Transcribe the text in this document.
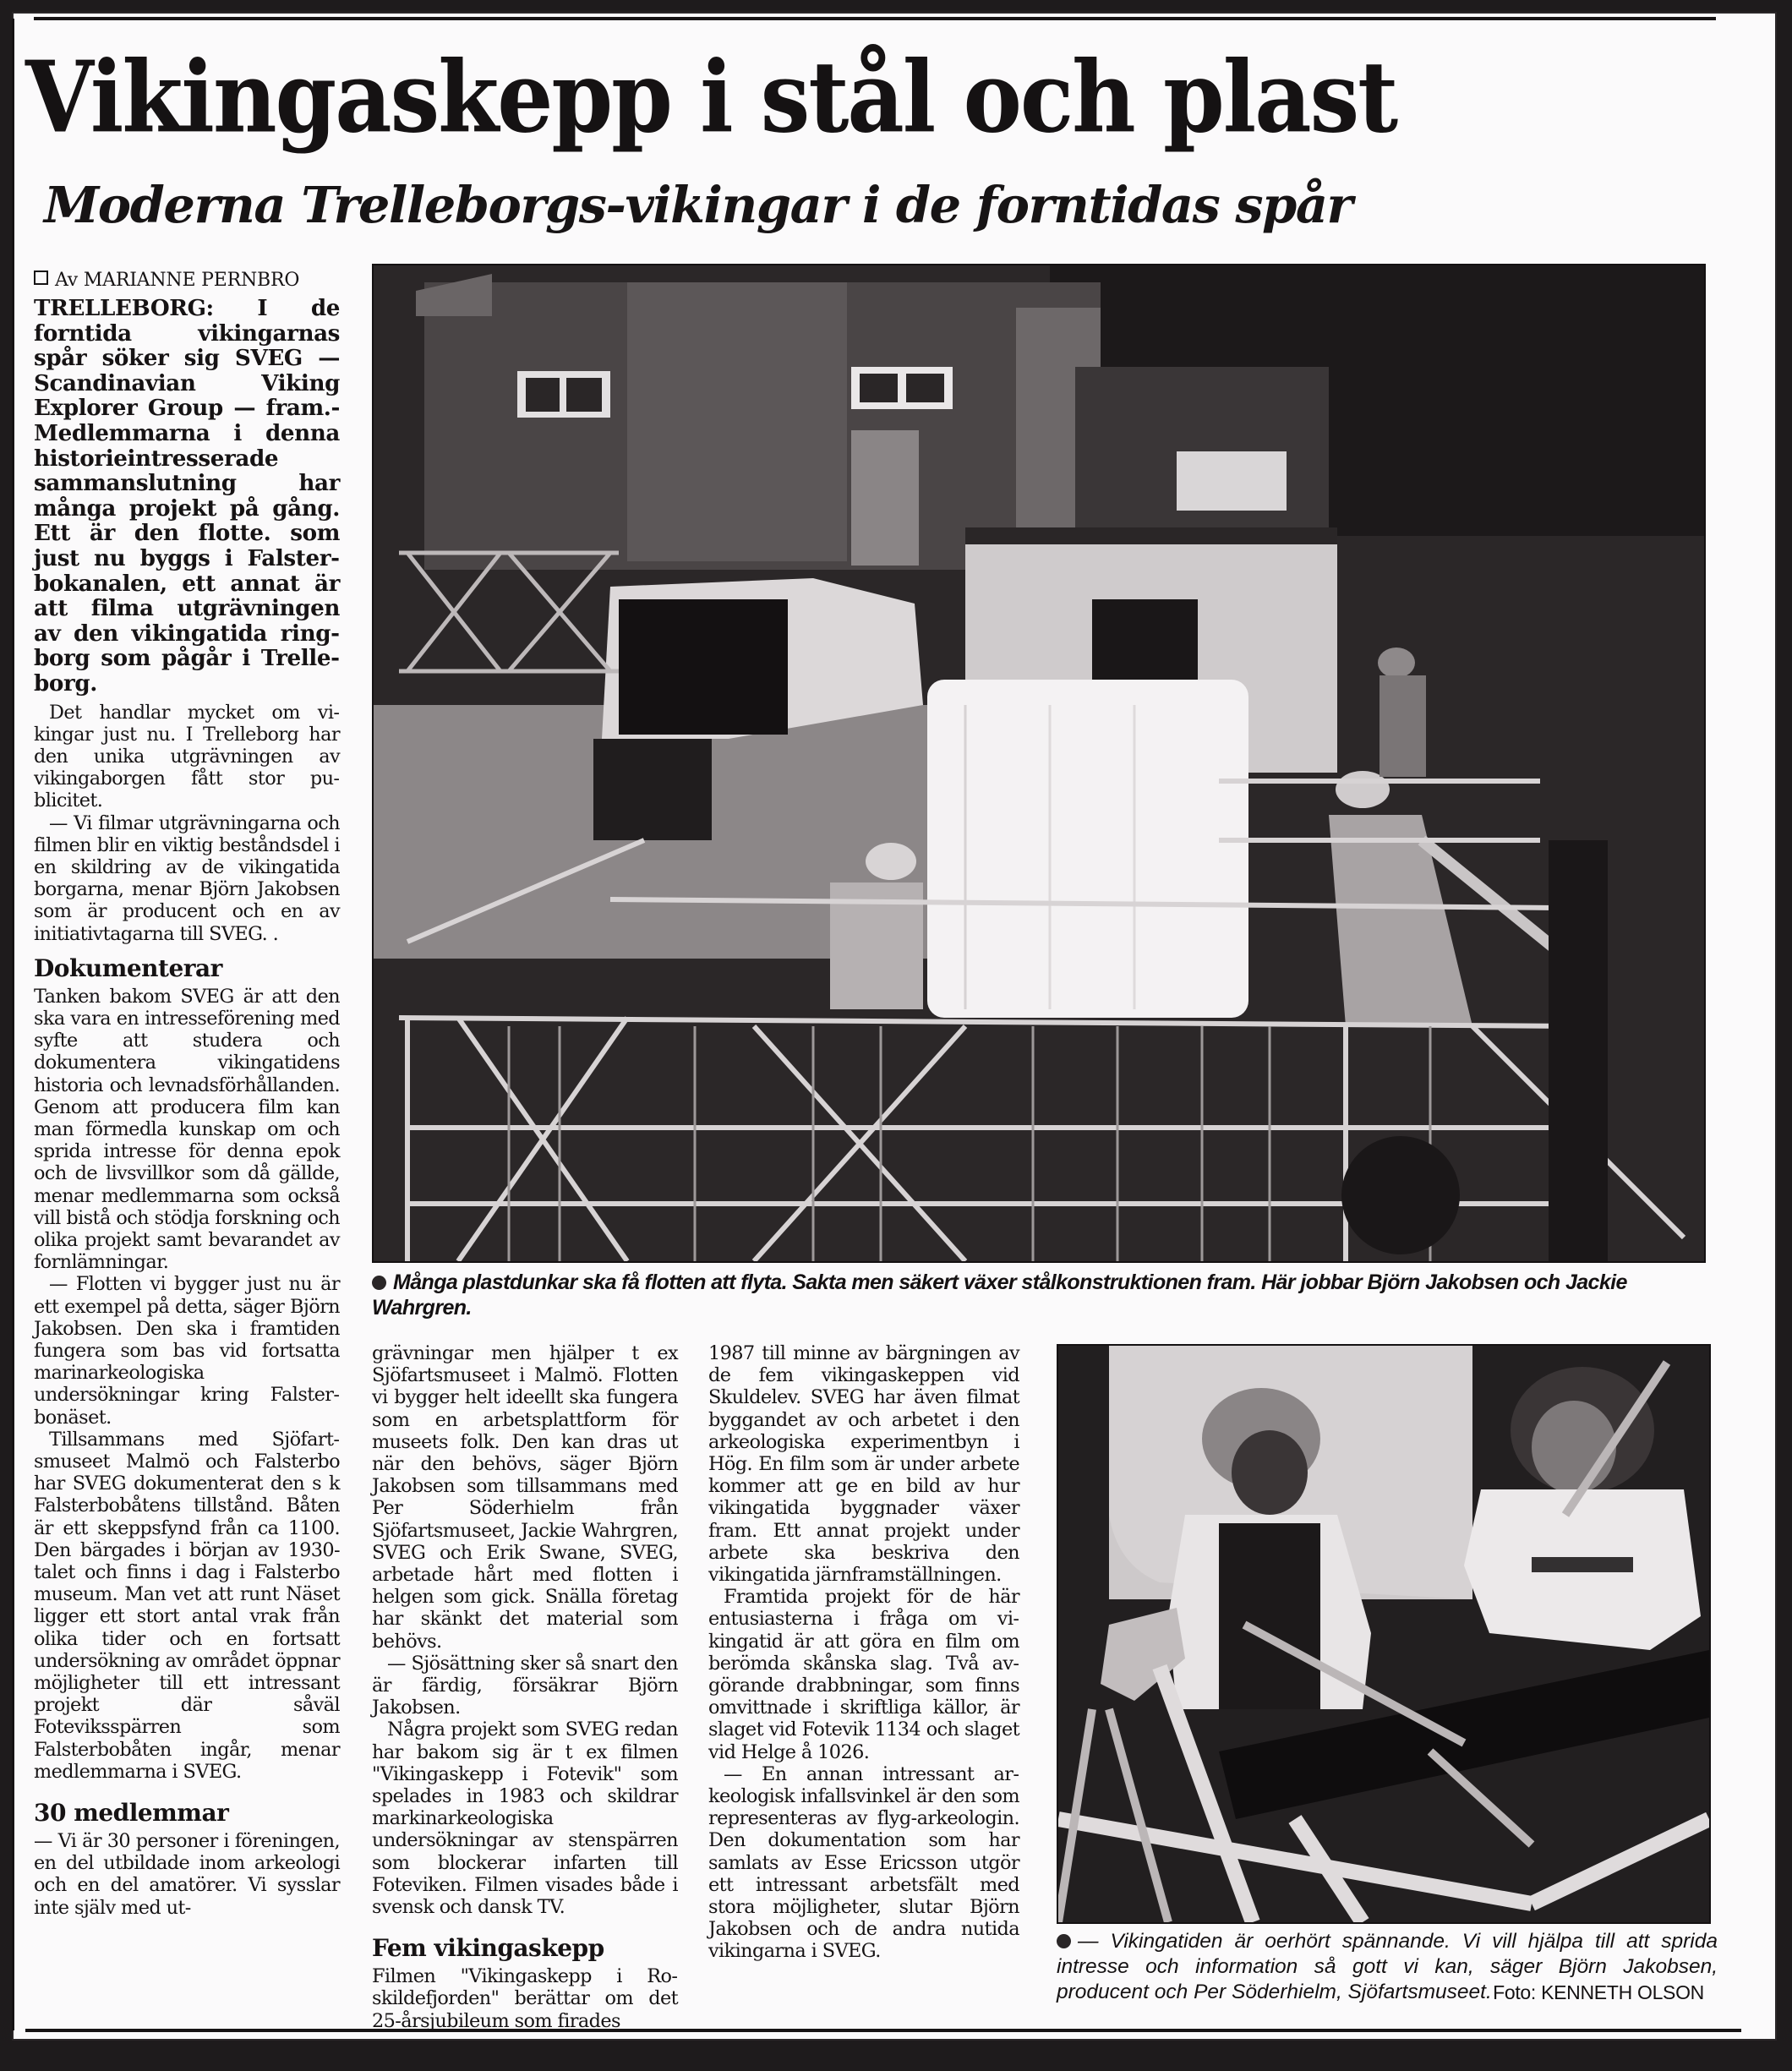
Vikingaskepp i stål och plast
Moderna Trelleborgs-vikingar i de forntidas spår
Av MARIANNE PERNBRO

TRELLEBORG: I de forntida vikingarnas spår söker sig SVEG — Scandinavian Viking Explorer Group — fram.- Medlemmarna i denna historieintresserade sammanslutning har många projekt på gång. Ett är den flotte. som just nu byggs i Falsterbokanalen, ett annat är att filma utgrävningen av den vikingatida ringborg som pågår i Trelleborg.

Det handlar mycket om vikingar just nu. I Trelleborg har den unika utgrävningen av vikingaborgen fått stor publicitet.

— Vi filmar utgrävningarna och filmen blir en viktig beståndsdel i en skildring av de vikingatida borgarna, menar Björn Jakobsen som är producent och en av initiativtagarna till SVEG. .

Dokumenterar

Tanken bakom SVEG är att den ska vara en intresseförening med syfte att studera och dokumentera vikingatidens historia och levnadsförhållanden. Genom att producera film kan man förmedla kunskap om och sprida intresse för denna epok och de livsvillkor som då gällde, menar medlemmarna som också vill bistå och stödja forskning och olika projekt samt bevarandet av fornlämningar.

— Flotten vi bygger just nu är ett exempel på detta, säger Björn Jakobsen. Den ska i framtiden fungera som bas vid fortsatta marinarkeologiska undersökningar kring Falsterbonäset.

Tillsammans med Sjöfartsmuseet Malmö och Falsterbo har SVEG dokumenterat den s k Falsterbobåtens tillstånd. Båten är ett skeppsfynd från ca 1100. Den bärgades i början av 1930-talet och finns i dag i Falsterbo museum. Man vet att runt Näset ligger ett stort antal vrak från olika tider och en fortsatt undersökning av området öppnar möjligheter till ett intressant projekt där såväl Foteviksspärren som Falsterbobåten ingår, menar medlemmarna i SVEG.

30 medlemmar

— Vi är 30 personer i föreningen, en del utbildade inom arkeologi och en del amatörer. Vi sysslar inte själv med ut-

Många plastdunkar ska få flotten att flyta. Sakta men säkert växer stålkonstruktionen fram. Här jobbar Björn Jakobsen och Jackie Wahrgren.

grävningar men hjälper t ex Sjöfartsmuseet i Malmö. Flotten vi bygger helt ideellt ska fungera som en arbetsplattform för museets folk. Den kan dras ut när den behövs, säger Björn Jakobsen som tillsammans med Per Söderhielm från Sjöfartsmuseet, Jackie Wahrgren, SVEG och Erik Swane, SVEG, arbetade hårt med flotten i helgen som gick. Snälla företag har skänkt det material som behövs.

— Sjösättning sker så snart den är färdig, försäkrar Björn Jakobsen.

Några projekt som SVEG redan har bakom sig är t ex filmen "Vikingaskepp i Fotevik" som spelades in 1983 och skildrar markinarkeologiska undersökningar av stenspärren som blockerar infarten till Foteviken. Filmen visades både i svensk och dansk TV.

Fem vikingaskepp

Filmen "Vikingaskepp i Roskildefjorden" berättar om det 25-årsjubileum som firades

1987 till minne av bärgningen av de fem vikingaskeppen vid Skuldelev. SVEG har även filmat byggandet av och arbetet i den arkeologiska experimentbyn i Hög. En film som är under arbete kommer att ge en bild av hur vikingatida byggnader växer fram. Ett annat projekt under arbete ska beskriva den vikingatida järnframställningen.

Framtida projekt för de här entusiasterna i fråga om vikingatid är att göra en film om berömda skånska slag. Två avgörande drabbningar, som finns omvittnade i skriftliga källor, är slaget vid Fotevik 1134 och slaget vid Helge å 1026.

— En annan intressant arkeologisk infallsvinkel är den som representeras av flyg-arkeologin. Den dokumentation som har samlats av Esse Ericsson utgör ett intressant arbetsfält med stora möjligheter, slutar Björn Jakobsen och de andra nutida vikingarna i SVEG.	— Vikingatiden är oerhört spännande. Vi vill hjälpa till att sprida intresse och information så gott vi kan, säger Björn Jakobsen, producent och Per Söderhielm, Sjöfartsmuseet. Foto: KENNETH OLSON
